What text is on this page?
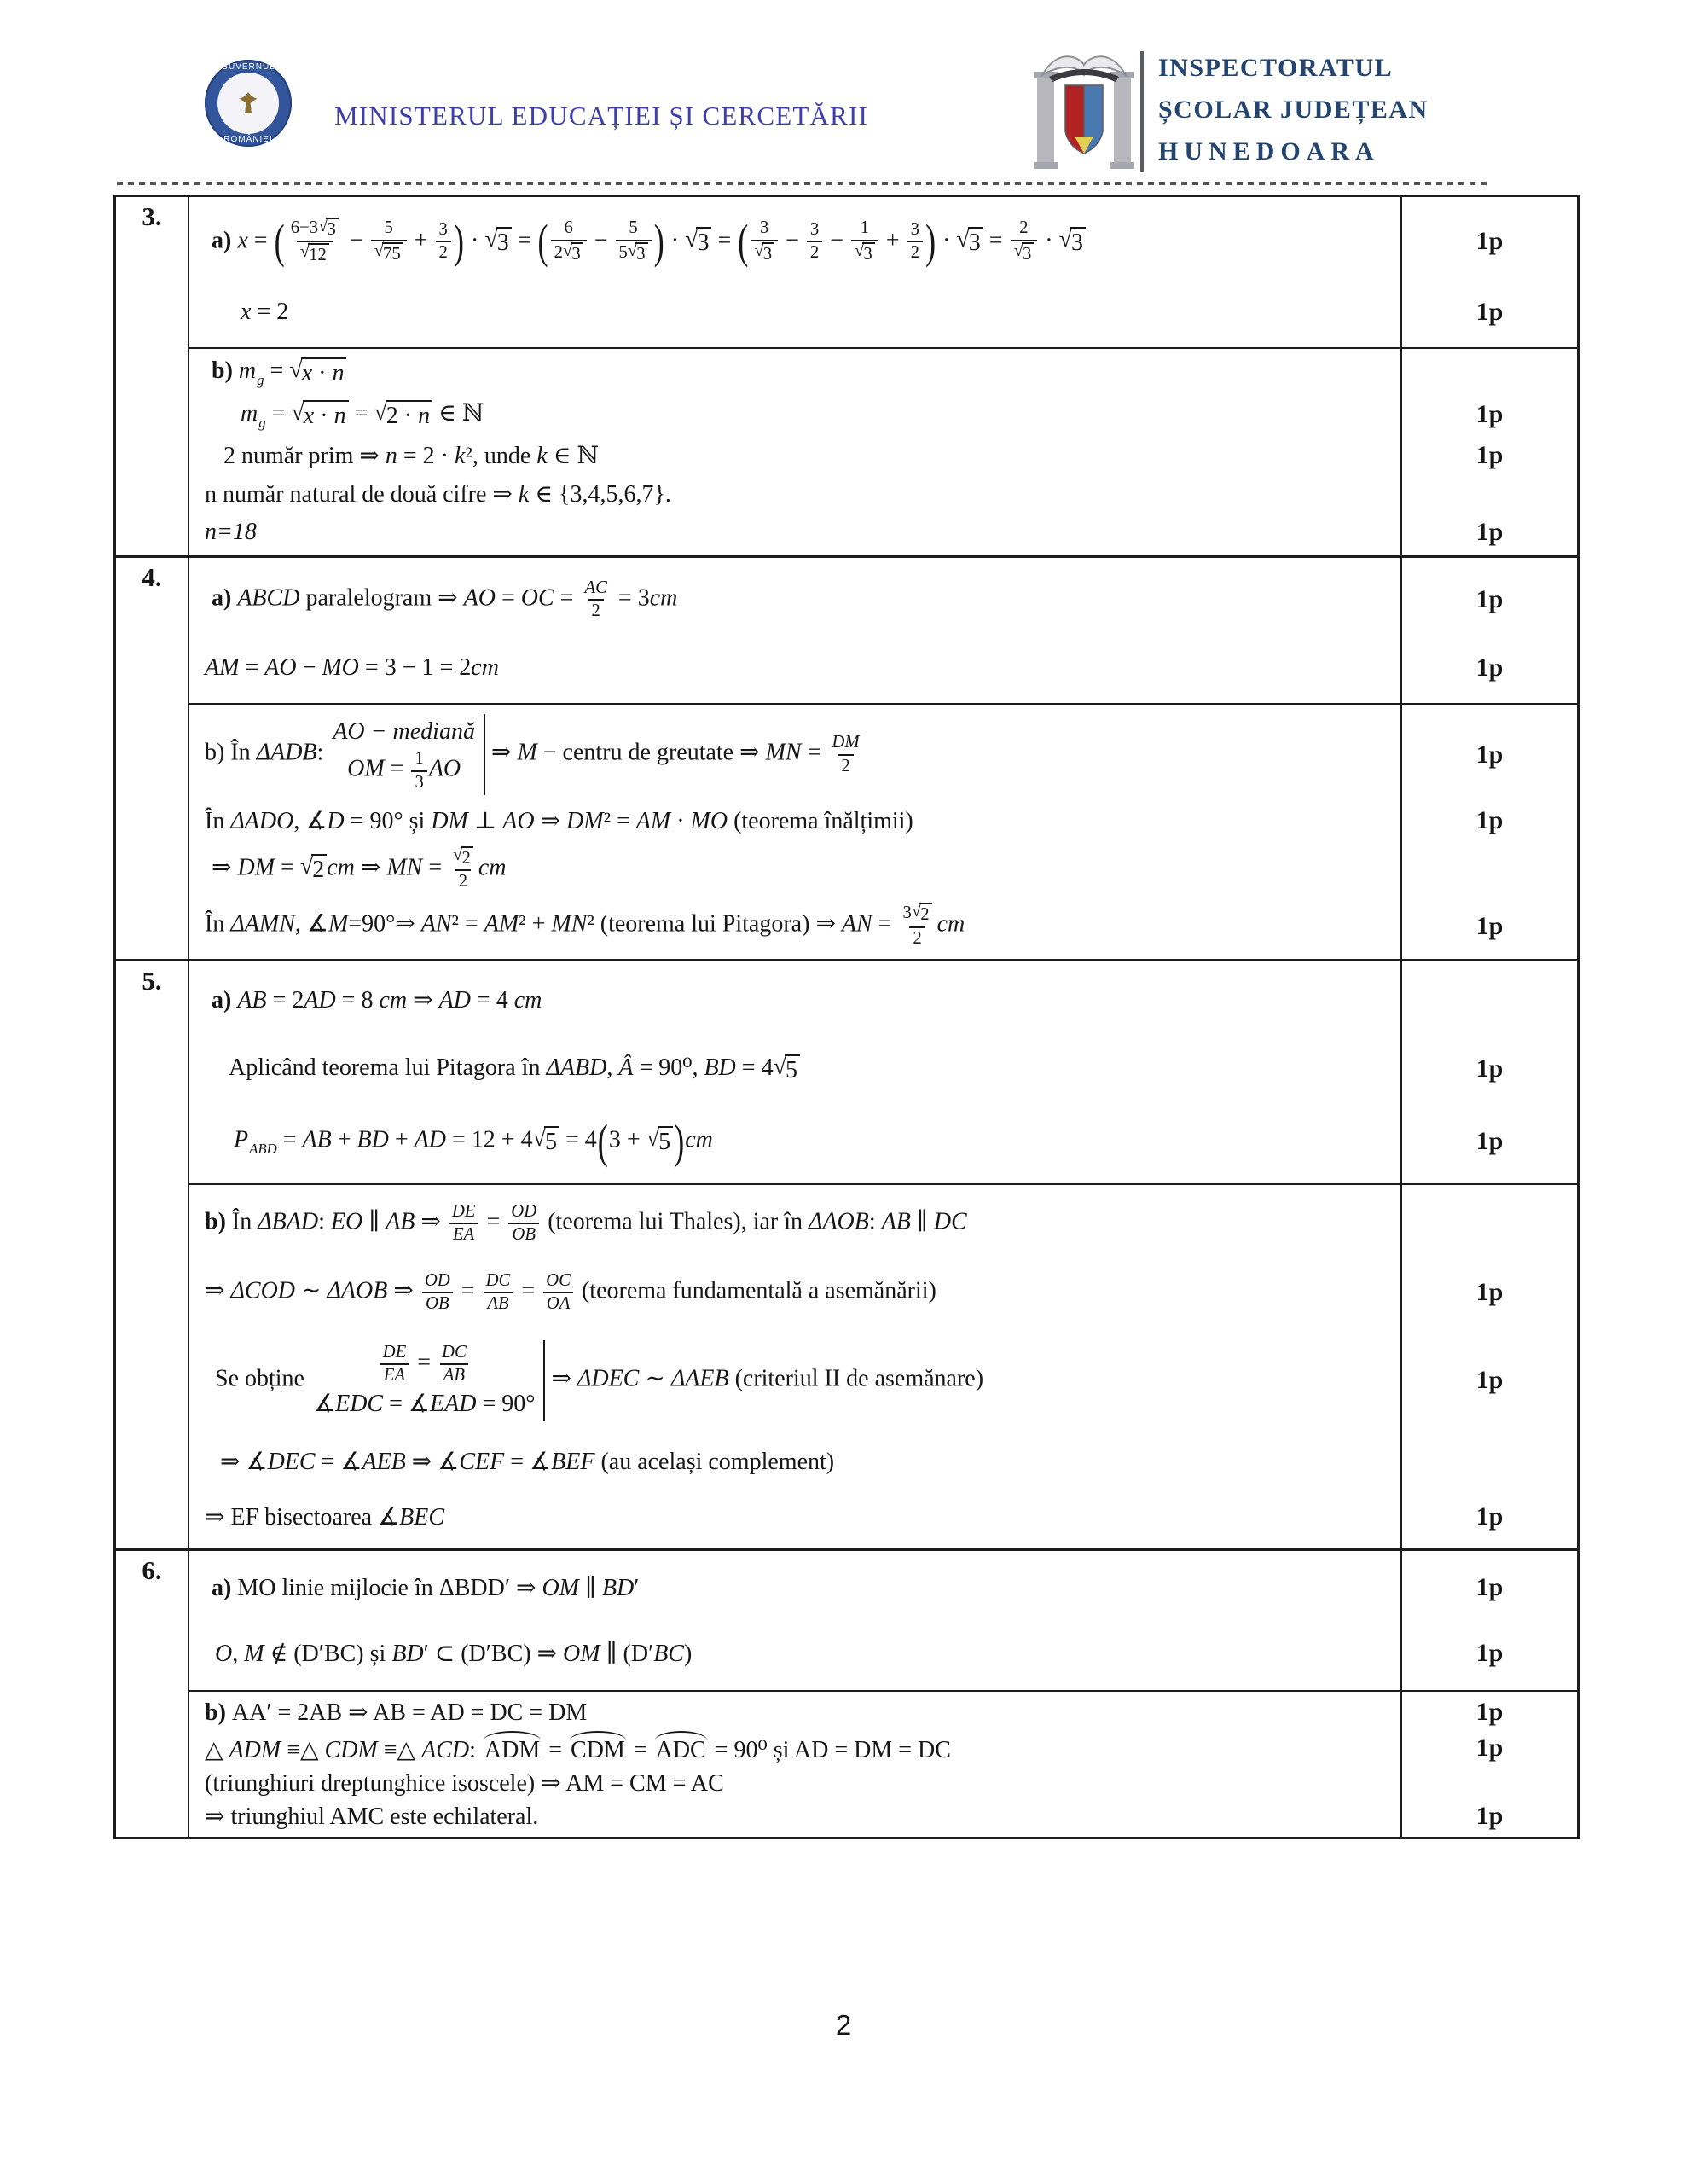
GUVERNUL
ROMÂNIEI
MINISTERUL EDUCAȚIEI ȘI CERCETĂRII
INSPECTORATUL
ȘCOLAR JUDEȚEAN
HUNEDOARA
3.
a) x = ( $\frac{6-3 √ 3}{√ 12} - \frac{5}{√ 75} + \frac{3}{2}$ ) · √ 3 = ( $\frac{6}{2 √ 3} - \frac{5}{5 √ 3}$ ) · √ 3 = ( $\frac{3}{√ 3} - \frac{3}{2} - \frac{1}{√ 3} + \frac{3}{2}$ ) · √ $3 = \frac{2}{√ 3}$ · √ 3	1p
x = 2	1p
b) $m_g$ = √ x · n
$m_g$ = √ x · n = √ 2 · n ∈ ℕ	1p
2 număr prim ⇒ n = 2 · k², unde k ∈ ℕ	1p
n număr natural de două cifre ⇒ k ∈ {3,4,5,6,7}.
n=18	1p
4.
a) ABCD paralelogram ⇒ AO = OC = $\frac{AC}{2} = 3cm$	1p
AM = AO − MO = 3 − 1 = 2cm	1p
b) În ΔADB:
AO − mediană
OM = $\frac{1}{3}$ AO
⇒ M − centru de greutate ⇒ MN = $\frac{DM}{2}$	1p
În ΔADO, ∡D = 90° și DM ⊥ AO ⇒ DM² = AM · MO (teorema înălțimii)	1p
⇒ DM = √ 2 cm ⇒ MN = $\frac{√ 2}{2}$ cm
În ΔAMN, ∡M=90°⇒ AN² = AM² + MN² (teorema lui Pitagora) ⇒ AN = $\frac{3 √ 2}{2}$ cm	1p
5.
a) AB = 2AD = 8 cm ⇒ AD = 4 cm
Aplicând teorema lui Pitagora în ΔABD, Â = 90⁰, BD = 4 √ 5	1p
$P_{ABD}$ = AB + BD + AD = 12 + 4 √ 5 = 4(3 + √ 5 )cm	1p
b) În ΔBAD: EO ∥ AB ⇒ $\frac{DE}{EA} = \frac{OD}{OB}$ (teorema lui Thales), iar în ΔAOB: AB ∥ DC
⇒ ΔCOD ∼ ΔAOB ⇒ $\frac{OD}{OB} = \frac{DC}{AB} = \frac{OC}{OA}$ (teorema fundamentală a asemănării)	1p
Se obține	$\frac{DE}{EA} = \frac{DC}{AB}$
∡EDC = ∡EAD = 90°
⇒ ΔDEC ∼ ΔAEB (criteriul II de asemănare)	1p
⇒ ∡DEC = ∡AEB ⇒ ∡CEF = ∡BEF (au același complement)
⇒ EF bisectoarea ∡BEC	1p
6.
a) MO linie mijlocie în ΔBDD′ ⇒ OM ∥ BD′	1p
O, M ∉ (D′BC) și BD′ ⊂ (D′BC) ⇒ OM ∥ (D′BC)	1p
b) AA′ = 2AB ⇒ AB = AD = DC = DM	1p
△ ADM ≡△ CDM ≡△ ACD: ADM = CDM = ADC = 90⁰ și AD = DM = DC	1p
(triunghiuri dreptunghice isoscele) ⇒ AM = CM = AC
⇒ triunghiul AMC este echilateral.	1p
2
